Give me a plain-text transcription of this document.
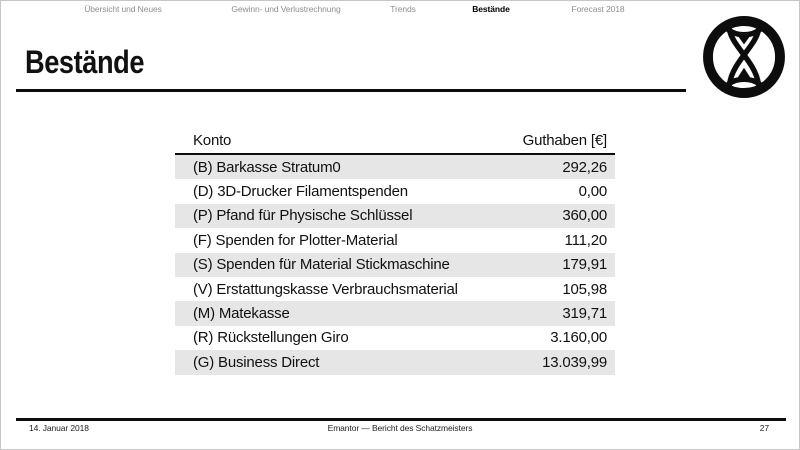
Übersicht und Neues	Gewinn- und Verlustrechnung	Trends	Bestände	Forecast 2018
Bestände
Konto	Guthaben [€]
(B) Barkasse Stratum0	292,26
(D) 3D-Drucker Filamentspenden	0,00
(P) Pfand für Physische Schlüssel	360,00
(F) Spenden for Plotter-Material	111,20
(S) Spenden für Material Stickmaschine	179,91
(V) Erstattungskasse Verbrauchsmaterial	105,98
(M) Matekasse	319,71
(R) Rückstellungen Giro	3.160,00
(G) Business Direct	13.039,99
14. Januar 2018	Emantor — Bericht des Schatzmeisters	27
